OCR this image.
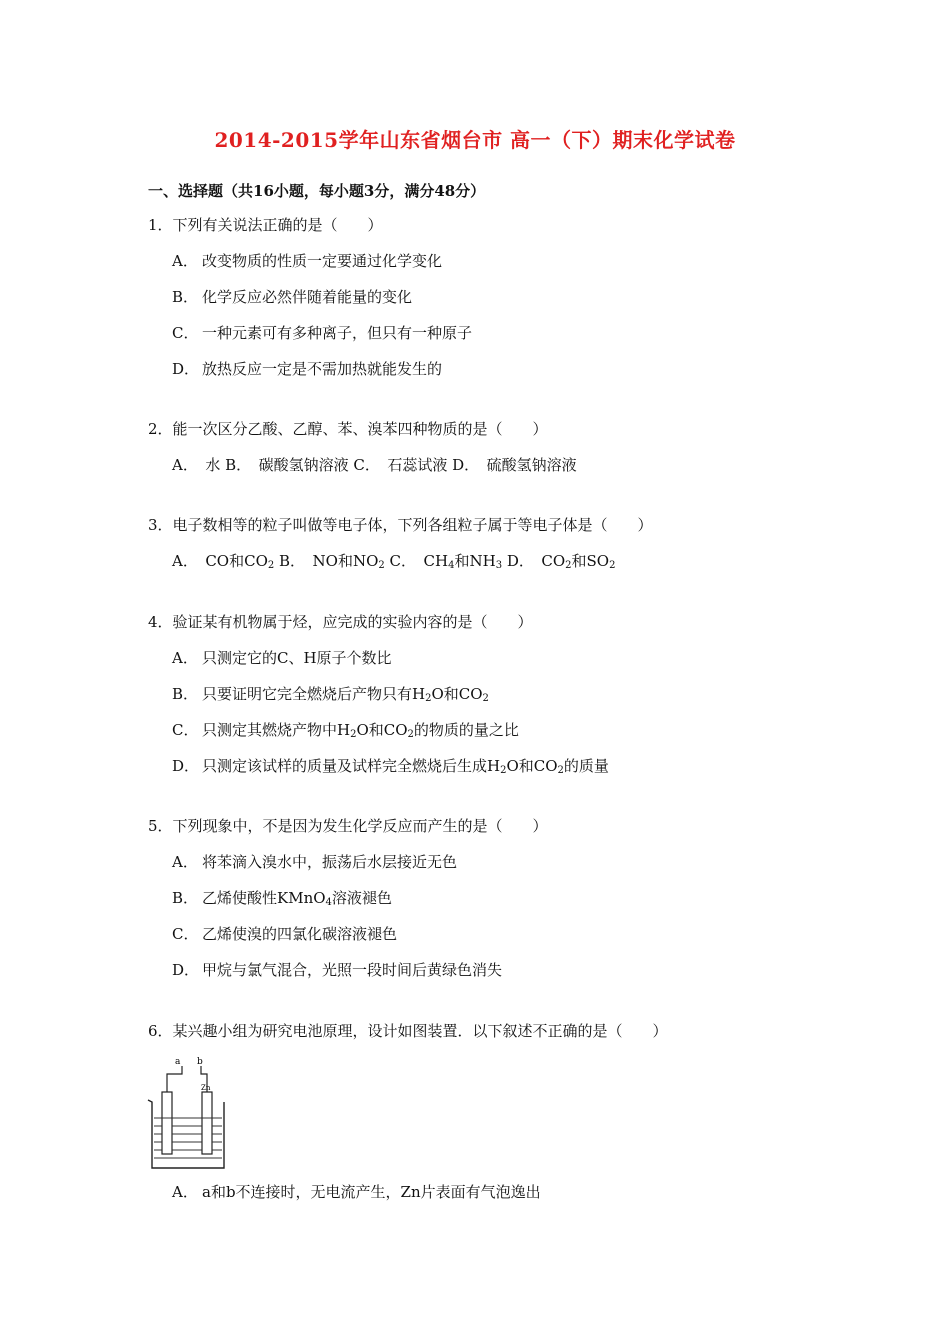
2014-2015学年山东省烟台市 高一（下）期末化学试卷
一、选择题（共16小题，每小题3分，满分48分）
1．下列有关说法正确的是（　　）
A． 改变物质的性质一定要通过化学变化
B． 化学反应必然伴随着能量的变化
C． 一种元素可有多种离子，但只有一种原子
D． 放热反应一定是不需加热就能发生的
2．能一次区分乙酸、乙醇、苯、溴苯四种物质的是（　　）
A．　水 B．　碳酸氢钠溶液 C．　石蕊试液 D．　硫酸氢钠溶液
3．电子数相等的粒子叫做等电子体，下列各组粒子属于等电子体是（　　）
A．　CO和$CO_2$ B．　NO和$NO_2$ C．　$CH_4$和$NH_3$ D．　$CO_2$和$SO_2$
4．验证某有机物属于烃，应完成的实验内容的是（　　）
A． 只测定它的C、H原子个数比
B． 只要证明它完全燃烧后产物只有$H_2O$和$CO_2$
C． 只测定其燃烧产物中$H_2O$和$CO_2$的物质的量之比
D． 只测定该试样的质量及试样完全燃烧后生成$H_2O$和$CO_2$的质量
5．下列现象中，不是因为发生化学反应而产生的是（　　）
A． 将苯滴入溴水中，振荡后水层接近无色
B． 乙烯使酸性KMnO$_4$溶液褪色
C． 乙烯使溴的四氯化碳溶液褪色
D． 甲烷与氯气混合，光照一段时间后黄绿色消失
6．某兴趣小组为研究电池原理，设计如图装置．以下叙述不正确的是（　　）
a b
Zn
A． a和b不连接时，无电流产生，Zn片表面有气泡逸出
